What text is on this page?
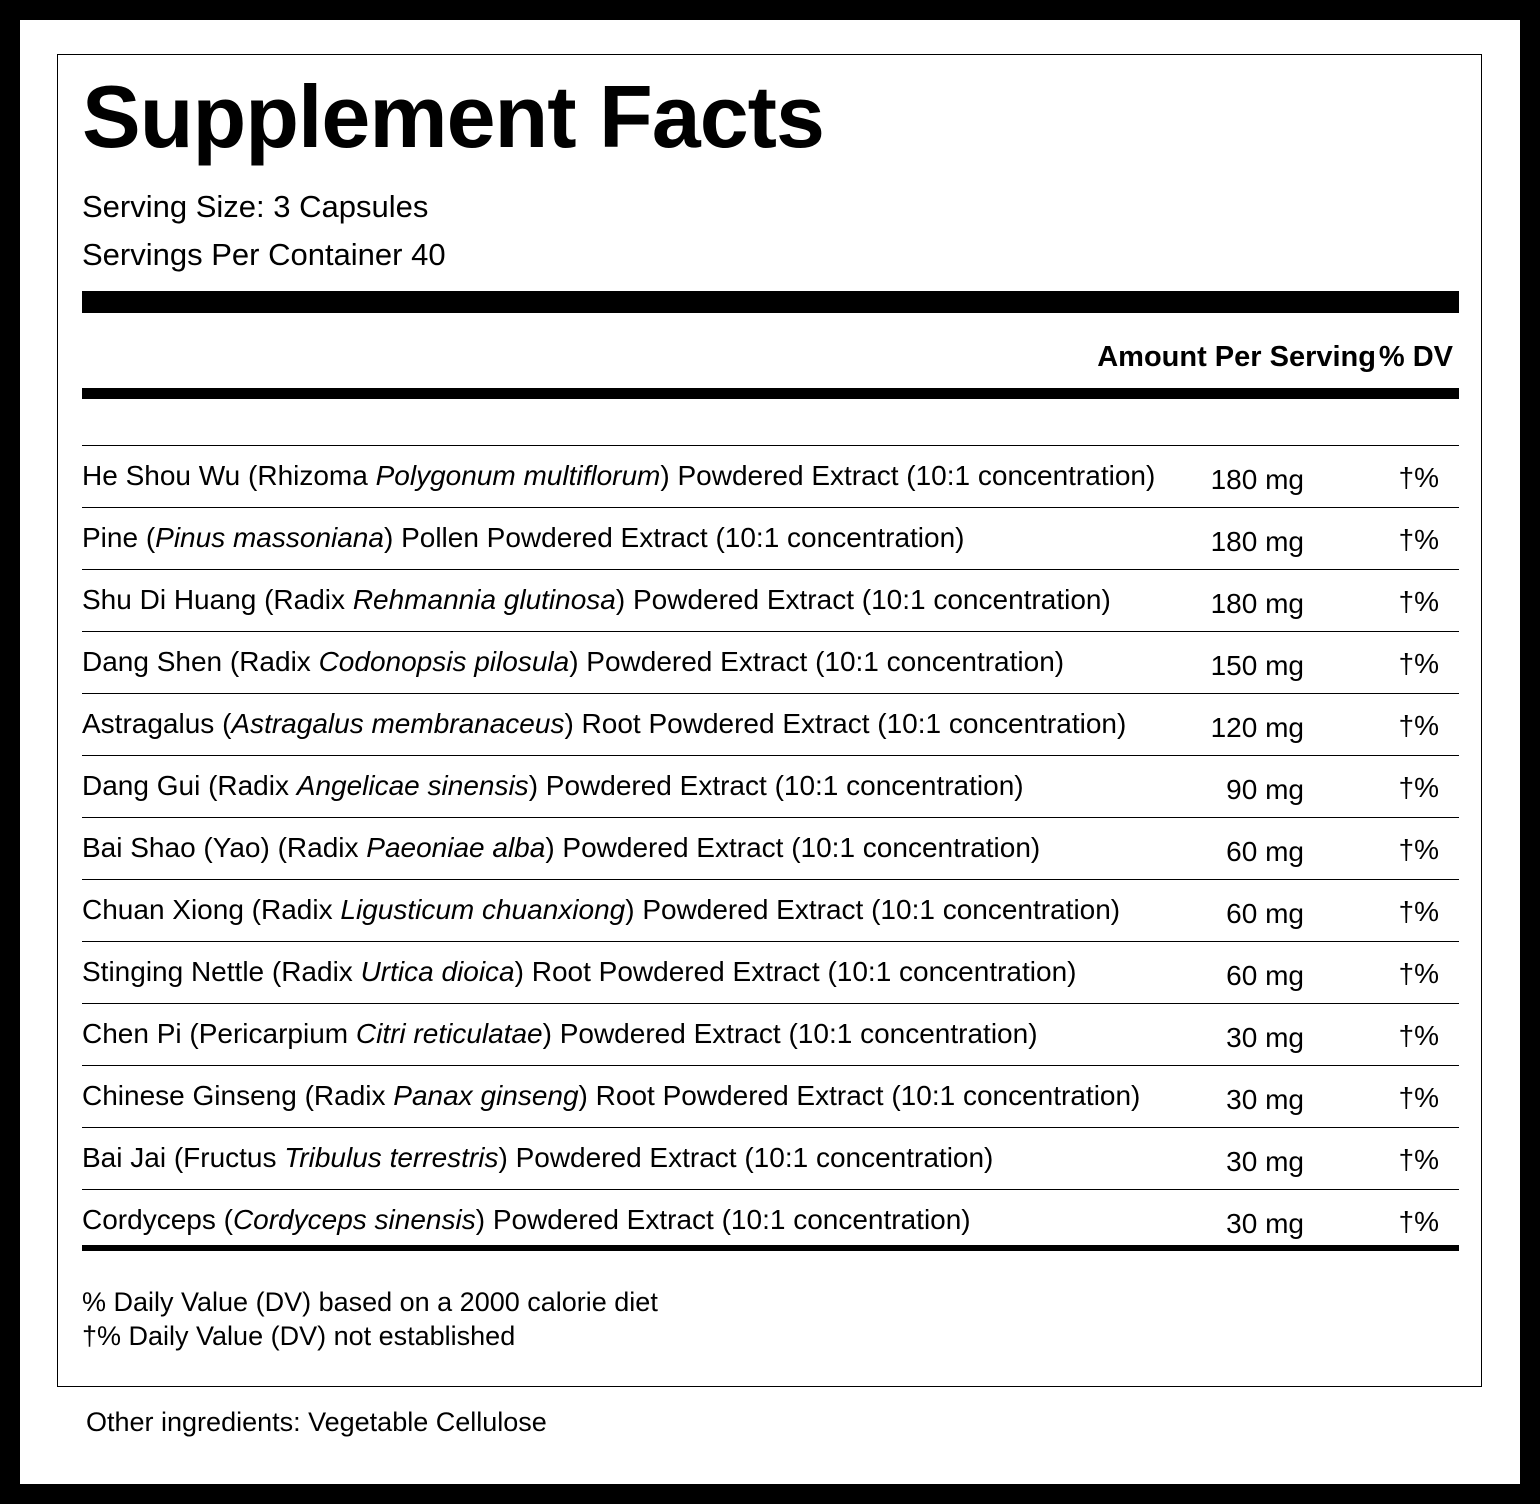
Supplement Facts
Serving Size: 3 Capsules
Servings Per Container 40
Amount Per Serving % DV
He Shou Wu (Rhizoma Polygonum multiflorum) Powdered Extract (10:1 concentration) 180 mg	†%
Pine (Pinus massoniana) Pollen Powdered Extract (10:1 concentration)	180 mg	†%
Shu Di Huang (Radix Rehmannia glutinosa) Powdered Extract (10:1 concentration)	180 mg	†%
Dang Shen (Radix Codonopsis pilosula) Powdered Extract (10:1 concentration)	150 mg	†%
Astragalus (Astragalus membranaceus) Root Powdered Extract (10:1 concentration)	120 mg	†%
Dang Gui (Radix Angelicae sinensis) Powdered Extract (10:1 concentration)	90 mg	†%
Bai Shao (Yao) (Radix Paeoniae alba) Powdered Extract (10:1 concentration)	60 mg	†%
Chuan Xiong (Radix Ligusticum chuanxiong) Powdered Extract (10:1 concentration)	60 mg	†%
Stinging Nettle (Radix Urtica dioica) Root Powdered Extract (10:1 concentration)	60 mg	†%
Chen Pi (Pericarpium Citri reticulatae) Powdered Extract (10:1 concentration)	30 mg	†%
Chinese Ginseng (Radix Panax ginseng) Root Powdered Extract (10:1 concentration)	30 mg	†%
Bai Jai (Fructus Tribulus terrestris) Powdered Extract (10:1 concentration)	30 mg	†%
Cordyceps (Cordyceps sinensis) Powdered Extract (10:1 concentration)	30 mg	†%
% Daily Value (DV) based on a 2000 calorie diet
†% Daily Value (DV) not established
Other ingredients: Vegetable Cellulose
